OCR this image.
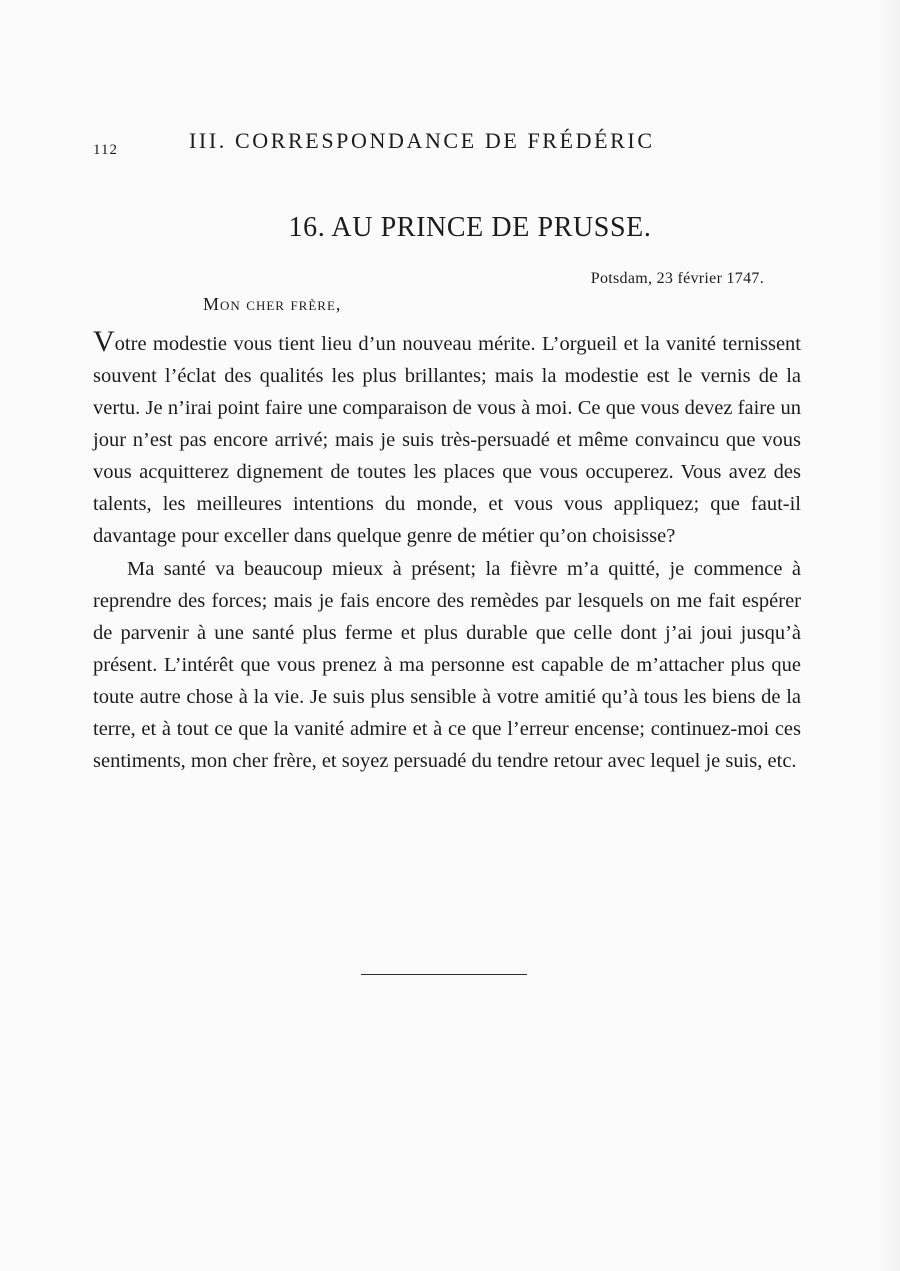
112	III. CORRESPONDANCE DE FRÉDÉRIC
16. AU PRINCE DE PRUSSE.
Potsdam, 23 février 1747.
Mon cher frère,

Votre modestie vous tient lieu d’un nouveau mérite. L’orgueil et la vanité ternissent souvent l’éclat des qualités les plus brillantes; mais la modestie est le vernis de la vertu. Je n’irai point faire une comparaison de vous à moi. Ce que vous devez faire un jour n’est pas encore arrivé; mais je suis très-persuadé et même convaincu que vous vous acquitterez dignement de toutes les places que vous occuperez. Vous avez des talents, les meilleures intentions du monde, et vous vous appliquez; que faut-il davantage pour exceller dans quelque genre de métier qu’on choisisse?

Ma santé va beaucoup mieux à présent; la fièvre m’a quitté, je commence à reprendre des forces; mais je fais encore des remèdes par lesquels on me fait espérer de parvenir à une santé plus ferme et plus durable que celle dont j’ai joui jusqu’à présent. L’intérêt que vous prenez à ma personne est capable de m’attacher plus que toute autre chose à la vie. Je suis plus sensible à votre amitié qu’à tous les biens de la terre, et à tout ce que la vanité admire et à ce que l’erreur encense; continuez-moi ces sentiments, mon cher frère, et soyez persuadé du tendre retour avec lequel je suis, etc.
